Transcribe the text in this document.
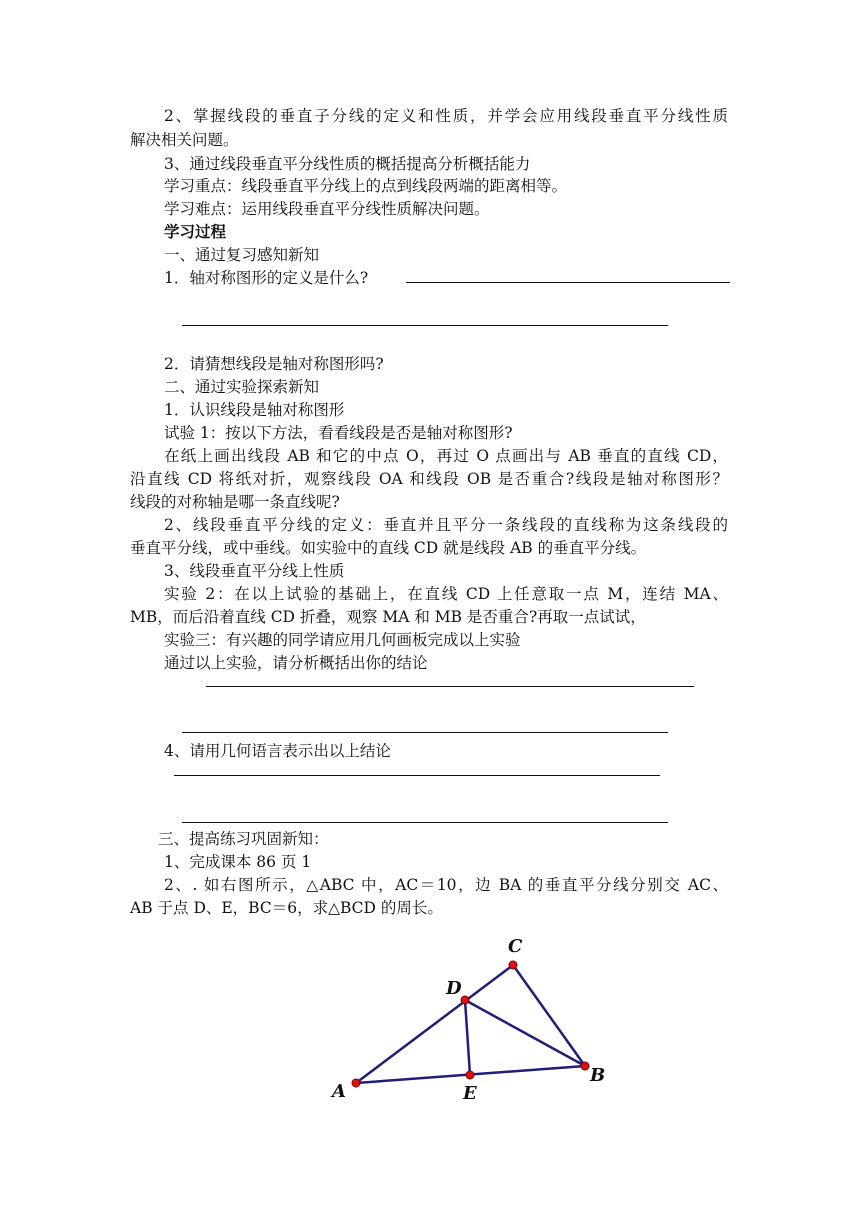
2、掌握线段的垂直子分线的定义和性质，并学会应用线段垂直平分线性质

解决相关问题。

3、通过线段垂直平分线性质的概括提高分析概括能力

学习重点：线段垂直平分线上的点到线段两端的距离相等。

学习难点：运用线段垂直平分线性质解决问题。

学习过程

一、通过复习感知新知

1．轴对称图形的定义是什么?

2．请猜想线段是轴对称图形吗?

二、通过实验探索新知

1．认识线段是轴对称图形

试验 1：按以下方法，看看线段是否是轴对称图形?

在纸上画出线段 AB 和它的中点 O，再过 O 点画出与 AB 垂直的直线 CD，

沿直线 CD 将纸对折，观察线段 OA 和线段 OB 是否重合?线段是轴对称图形？

线段的对称轴是哪一条直线呢?

2、线段垂直平分线的定义：垂直并且平分一条线段的直线称为这条线段的

垂直平分线，或中垂线。如实验中的直线 CD 就是线段 AB 的垂直平分线。

3、线段垂直平分线上性质

实验 2：在以上试验的基础上，在直线 CD 上任意取一点 M，连结 MA、

MB，而后沿着直线 CD 折叠，观察 MA 和 MB 是否重合?再取一点试试，

实验三：有兴趣的同学请应用几何画板完成以上实验

通过以上实验，请分析概括出你的结论

4、请用几何语言表示出以上结论

三、提高练习巩固新知：

1、完成课本 86 页 1

2、. 如右图所示，△ABC 中，AC＝10，边 BA 的垂直平分线分别交 AC、

AB 于点 D、E，BC＝6，求△BCD 的周长。

A
B
C
D
E
